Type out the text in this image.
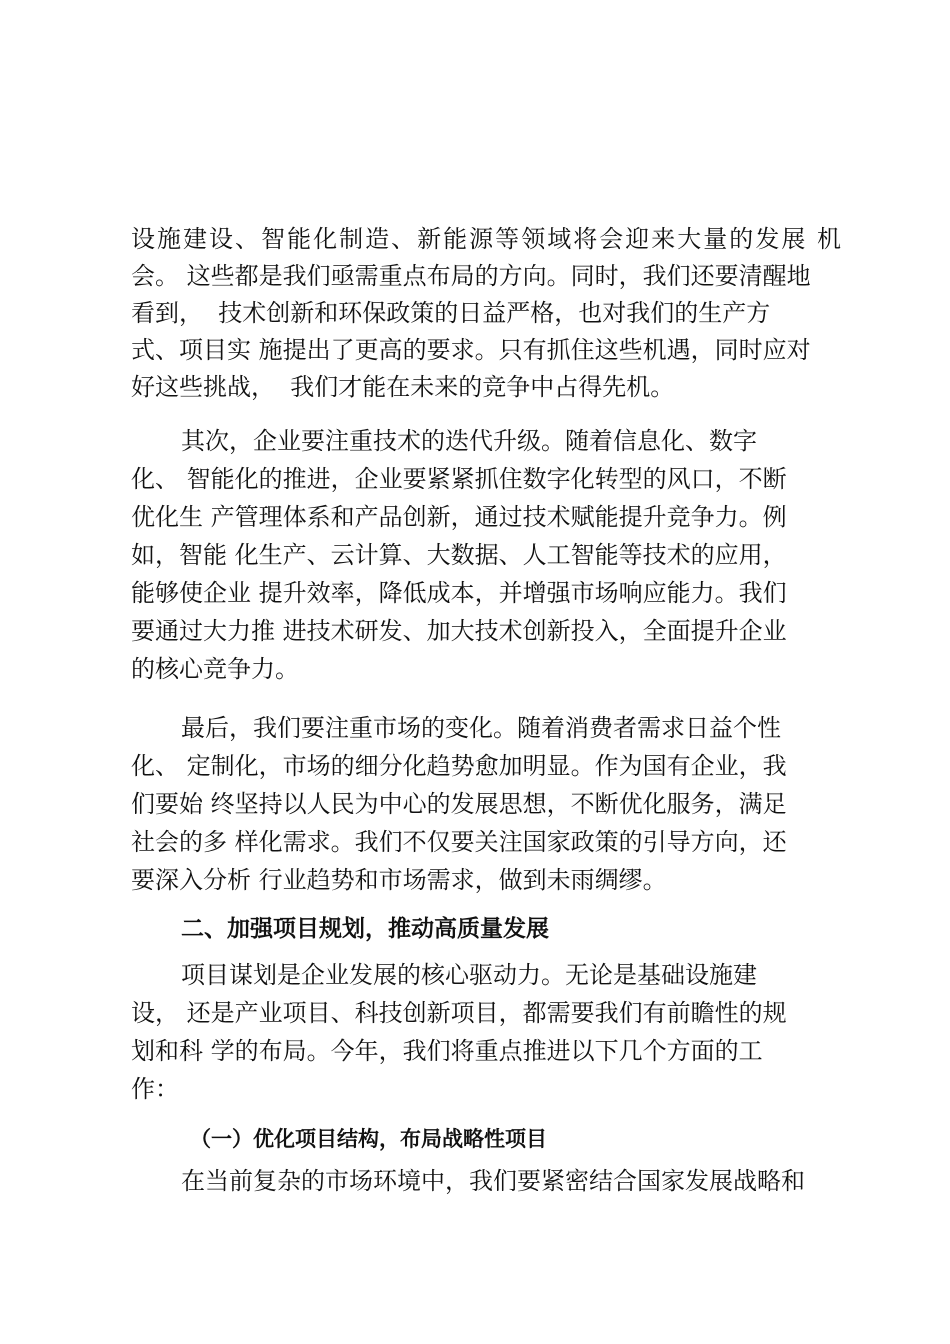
设施建设、智能化制造、新能源等领域将会迎来大量的发展 机
会。 这些都是我们亟需重点布局的方向。同时，我们还要清醒地
看到，  技术创新和环保政策的日益严格，也对我们的生产方
式、项目实 施提出了更高的要求。只有抓住这些机遇，同时应对
好这些挑战，  我们才能在未来的竞争中占得先机。
其次，企业要注重技术的迭代升级。随着信息化、数字
化、 智能化的推进，企业要紧紧抓住数字化转型的风口，不断
优化生 产管理体系和产品创新，通过技术赋能提升竞争力。例
如，智能 化生产、云计算、大数据、人工智能等技术的应用，
能够使企业 提升效率，降低成本，并增强市场响应能力。我们
要通过大力推 进技术研发、加大技术创新投入，全面提升企业
的核心竞争力。
最后，我们要注重市场的变化。随着消费者需求日益个性
化、 定制化，市场的细分化趋势愈加明显。作为国有企业，我
们要始 终坚持以人民为中心的发展思想，不断优化服务，满足
社会的多 样化需求。我们不仅要关注国家政策的引导方向，还
要深入分析 行业趋势和市场需求，做到未雨绸缪。
二、加强项目规划，推动高质量发展
项目谋划是企业发展的核心驱动力。无论是基础设施建
设， 还是产业项目、科技创新项目，都需要我们有前瞻性的规
划和科 学的布局。今年，我们将重点推进以下几个方面的工
作：
（一）优化项目结构，布局战略性项目
在当前复杂的市场环境中，我们要紧密结合国家发展战略和
